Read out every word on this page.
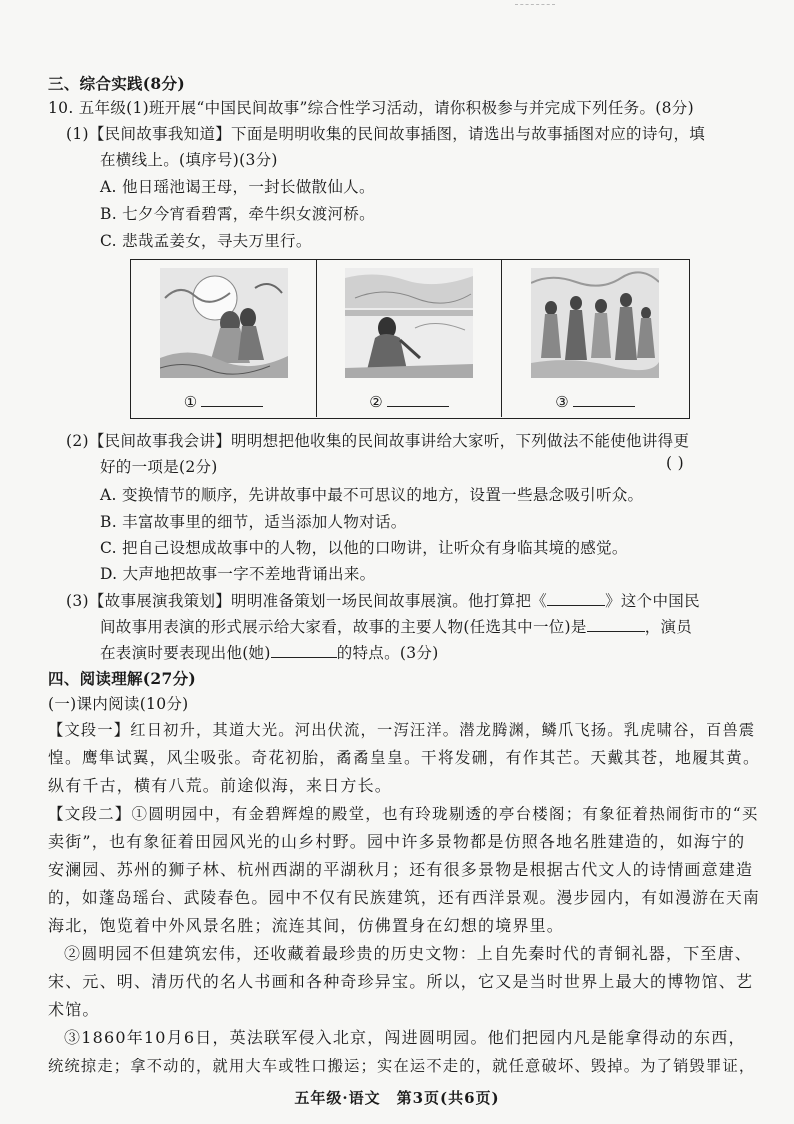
三、综合实践(8分)
10. 五年级(1)班开展“中国民间故事”综合性学习活动，请你积极参与并完成下列任务。(8分)
(1)【民间故事我知道】下面是明明收集的民间故事插图，请选出与故事插图对应的诗句，填
在横线上。(填序号)(3分)
A. 他日瑶池谒王母，一封长做散仙人。
B. 七夕今宵看碧霄，牵牛织女渡河桥。
C. 悲哉孟姜女，寻夫万里行。
①	②	③
(2)【民间故事我会讲】明明想把他收集的民间故事讲给大家听，下列做法不能使他讲得更
好的一项是(2分)	( )
A. 变换情节的顺序，先讲故事中最不可思议的地方，设置一些悬念吸引听众。
B. 丰富故事里的细节，适当添加人物对话。
C. 把自己设想成故事中的人物，以他的口吻讲，让听众有身临其境的感觉。
D. 大声地把故事一字不差地背诵出来。
(3)【故事展演我策划】明明准备策划一场民间故事展演。他打算把《	》这个中国民
间故事用表演的形式展示给大家看，故事的主要人物(任选其中一位)是	，演员
在表演时要表现出他(她)	的特点。(3分)
四、阅读理解(27分)
(一)课内阅读(10分)
【文段一】红日初升，其道大光。河出伏流，一泻汪洋。潜龙腾渊，鳞爪飞扬。乳虎啸谷，百兽震
惶。鹰隼试翼，风尘吸张。奇花初胎，矞矞皇皇。干将发硎，有作其芒。天戴其苍，地履其黄。
纵有千古，横有八荒。前途似海，来日方长。
【文段二】①圆明园中，有金碧辉煌的殿堂，也有玲珑剔透的亭台楼阁；有象征着热闹街市的“买
卖街”，也有象征着田园风光的山乡村野。园中许多景物都是仿照各地名胜建造的，如海宁的
安澜园、苏州的狮子林、杭州西湖的平湖秋月；还有很多景物是根据古代文人的诗情画意建造
的，如蓬岛瑶台、武陵春色。园中不仅有民族建筑，还有西洋景观。漫步园内，有如漫游在天南
海北，饱览着中外风景名胜；流连其间，仿佛置身在幻想的境界里。
②圆明园不但建筑宏伟，还收藏着最珍贵的历史文物：上自先秦时代的青铜礼器，下至唐、
宋、元、明、清历代的名人书画和各种奇珍异宝。所以，它又是当时世界上最大的博物馆、艺
术馆。
③1860年10月6日，英法联军侵入北京，闯进圆明园。他们把园内凡是能拿得动的东西，
统统掠走；拿不动的，就用大车或牲口搬运；实在运不走的，就任意破坏、毁掉。为了销毁罪证，
五年级·语文　第3页(共6页)
